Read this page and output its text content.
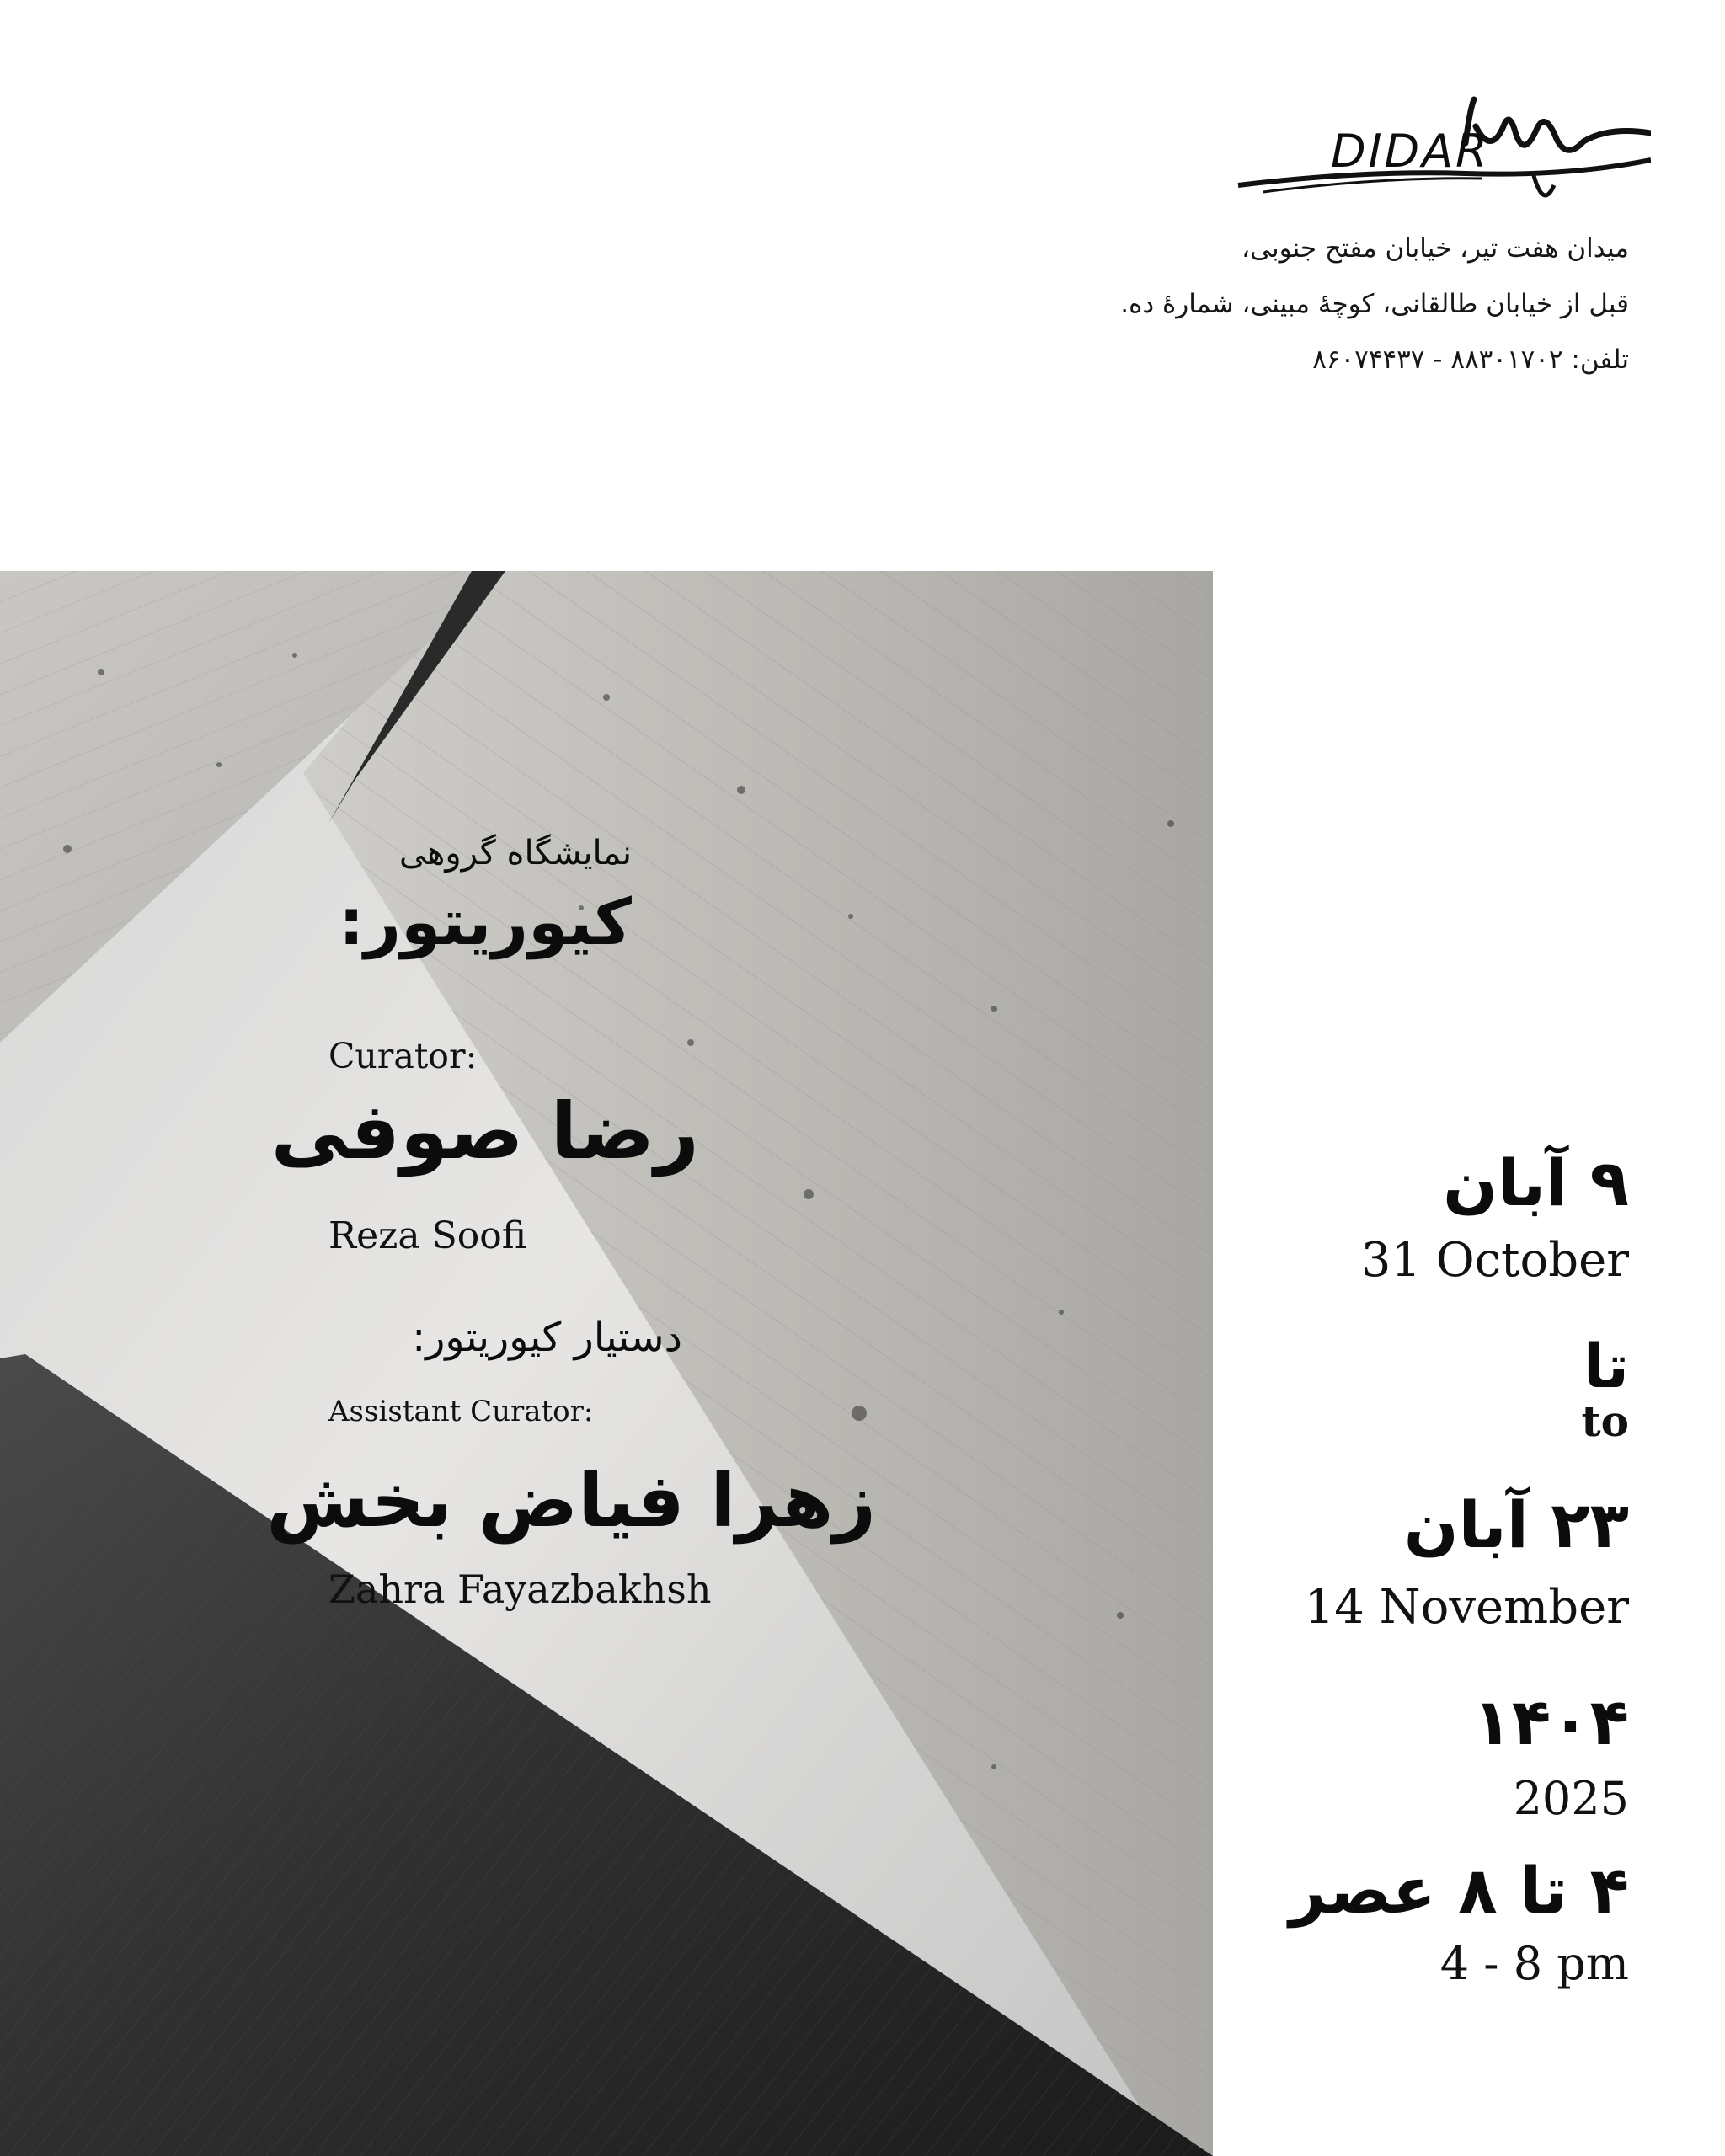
DIDAR
میدان هفت تیر، خیابان مفتح جنوبی،
قبل از خیابان طالقانی، کوچهٔ مبینی، شمارهٔ ده.
تلفن: ۸۸۳۰۱۷۰۲ - ۸۶۰۷۴۴۳۷
نمایشگاه گروهی
کیوریتور:
Curator:
رضا صوفی
Reza Soofi
دستیار کیوریتور:
Assistant Curator:
زهرا فیاض بخش
Zahra Fayazbakhsh
۹ آبان
31 October
تا
to
۲۳ آبان
14 November
۱۴۰۴
2025
۴ تا ۸ عصر
4 - 8 pm
